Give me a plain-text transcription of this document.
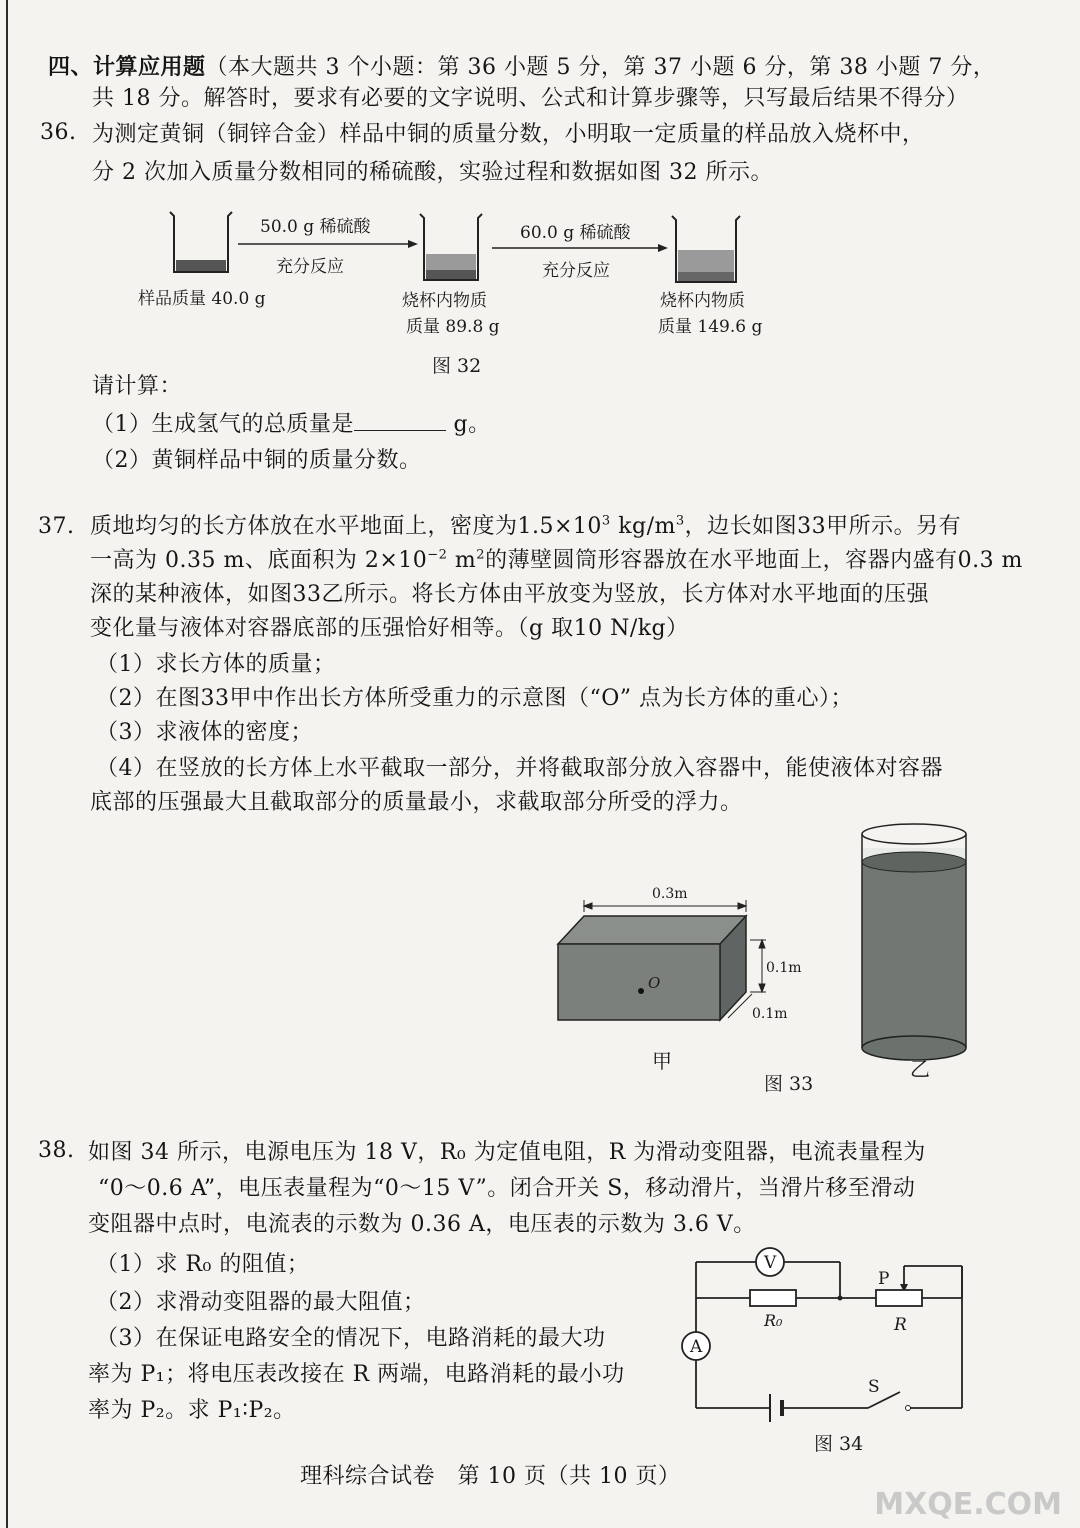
四、计算应用题（本大题共 3 个小题：第 36 小题 5 分，第 37 小题 6 分，第 38 小题 7 分，
共 18 分。解答时，要求有必要的文字说明、公式和计算步骤等，只写最后结果不得分）
36. 为测定黄铜（铜锌合金）样品中铜的质量分数，小明取一定质量的样品放入烧杯中，
分 2 次加入质量分数相同的稀硫酸，实验过程和数据如图 32 所示。
50.0 g 稀硫酸
充分反应
60.0 g 稀硫酸
充分反应
样品质量 40.0 g	烧杯内物质
质量 89.8 g
烧杯内物质
质量 149.6 g
图 32
请计算：
（1）生成氢气的总质量是	g。
（2）黄铜样品中铜的质量分数。
37. 质地均匀的长方体放在水平地面上，密度为$1.5\times 10^3$ $kg/m^3$，边长如图33甲所示。另有
一高为 0.35 m、底面积为 $2\times 10^{-2}$ $m^2$的薄壁圆筒形容器放在水平地面上，容器内盛有0.3 m
深的某种液体，如图33乙所示。将长方体由平放变为竖放，长方体对水平地面的压强
变化量与液体对容器底部的压强恰好相等。（g 取10 N/kg）
（1）求长方体的质量；
（2）在图33甲中作出长方体所受重力的示意图（“O” 点为长方体的重心）；
（3）求液体的密度；
（4）在竖放的长方体上水平截取一部分，并将截取部分放入容器中，能使液体对容器
底部的压强最大且截取部分的质量最小，求截取部分所受的浮力。
O
0.3m
0.1m
0.1m
甲	乙
图 33
38. 如图 34 所示，电源电压为 18 V，R₀ 为定值电阻，R 为滑动变阻器，电流表量程为
“0～0.6 A”，电压表量程为“0～15 V”。闭合开关 S，移动滑片，当滑片移至滑动
变阻器中点时，电流表的示数为 0.36 A，电压表的示数为 3.6 V。
（1）求 R₀ 的阻值；
（2）求滑动变阻器的最大阻值；
（3）在保证电路安全的情况下，电路消耗的最大功
率为 P₁；将电压表改接在 R 两端，电路消耗的最小功
率为 P₂。求 P₁∶P₂。
V
A
R₀	R
P
S
图 34
理科综合试卷　第 10 页（共 10 页）
MXQE.COM
